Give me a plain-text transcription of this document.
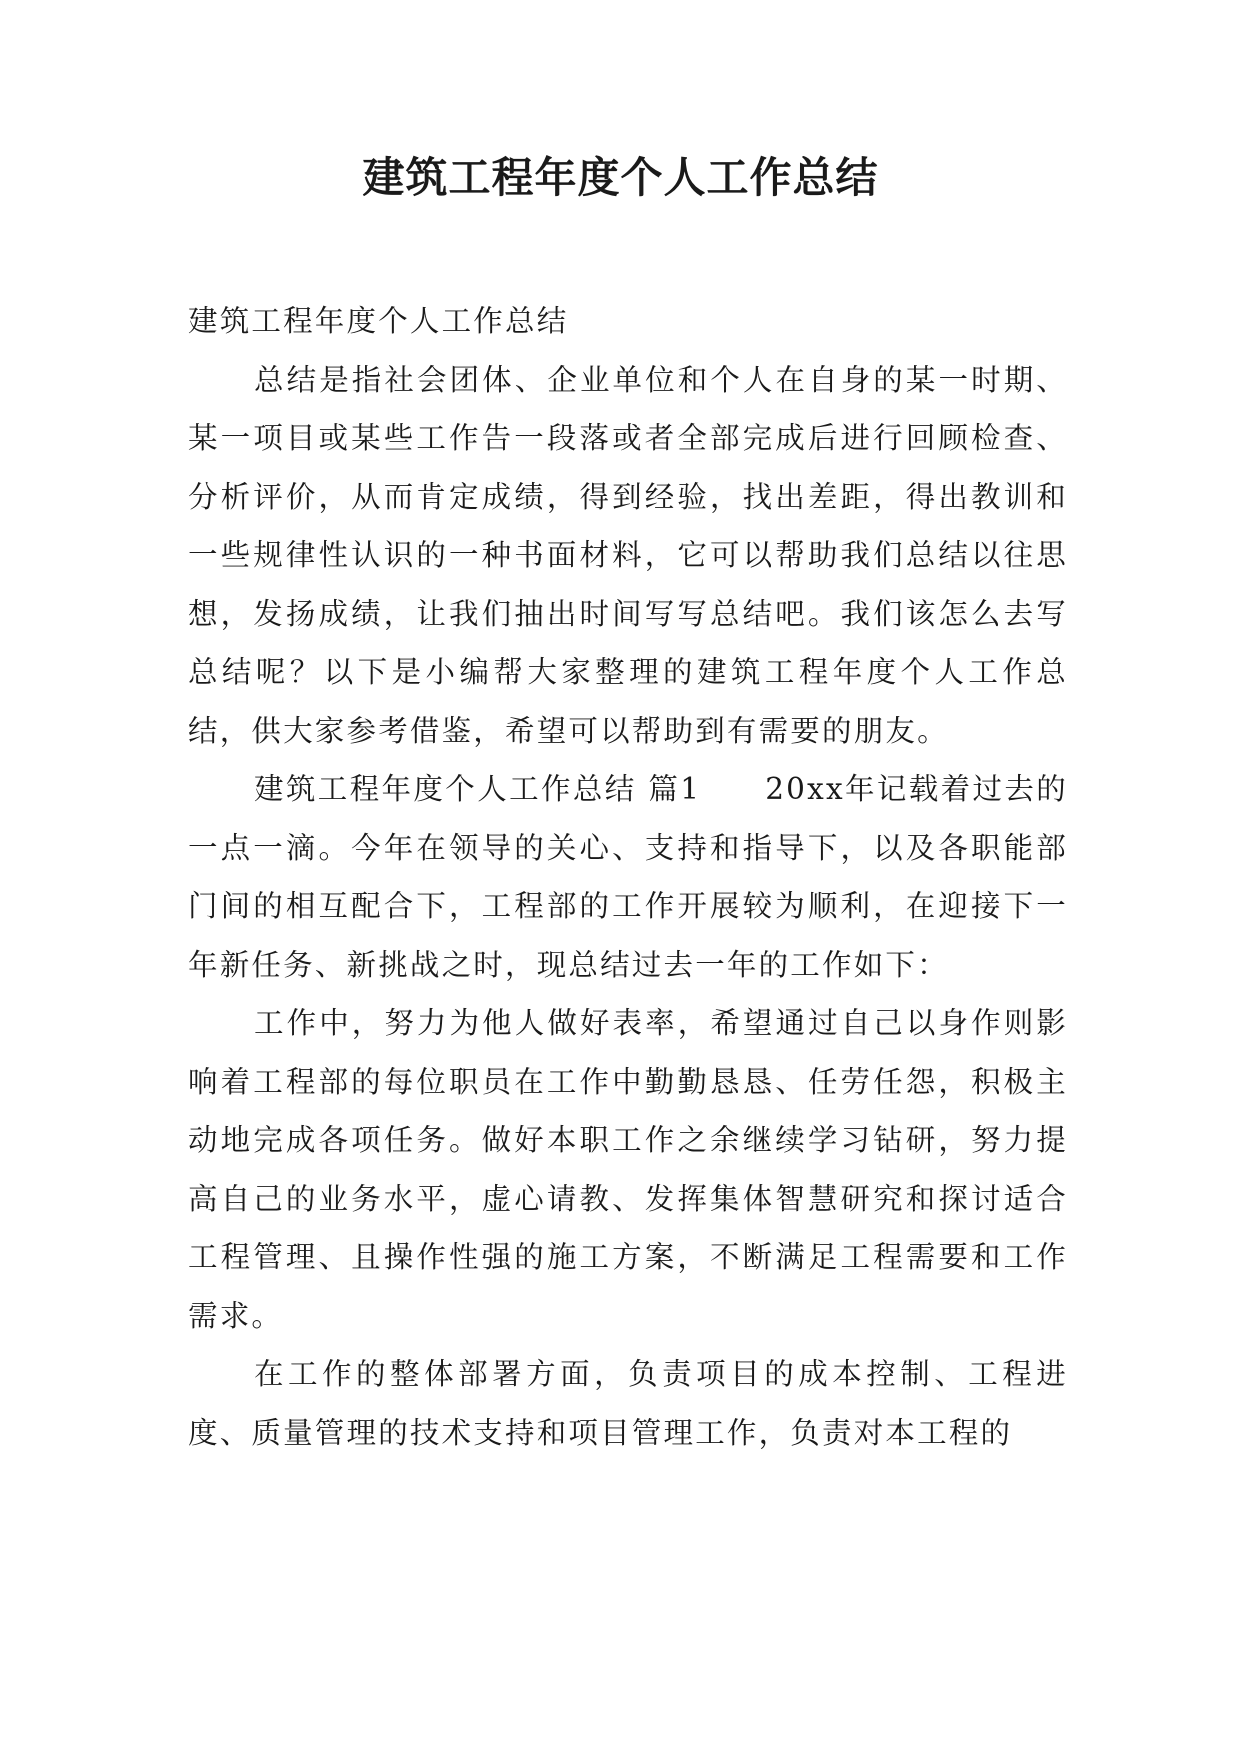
建筑工程年度个人工作总结

建筑工程年度个人工作总结

总结是指社会团体、企业单位和个人在自身的某一时期、某一项目或某些工作告一段落或者全部完成后进行回顾检查、分析评价，从而肯定成绩，得到经验，找出差距，得出教训和一些规律性认识的一种书面材料，它可以帮助我们总结以往思想，发扬成绩，让我们抽出时间写写总结吧。我们该怎么去写总结呢？以下是小编帮大家整理的建筑工程年度个人工作总结，供大家参考借鉴，希望可以帮助到有需要的朋友。

建筑工程年度个人工作总结 篇1　　20xx年记载着过去的一点一滴。今年在领导的关心、支持和指导下，以及各职能部门间的相互配合下，工程部的工作开展较为顺利，在迎接下一年新任务、新挑战之时，现总结过去一年的工作如下：

工作中，努力为他人做好表率，希望通过自己以身作则影响着工程部的每位职员在工作中勤勤恳恳、任劳任怨，积极主动地完成各项任务。做好本职工作之余继续学习钻研，努力提高自己的业务水平，虚心请教、发挥集体智慧研究和探讨适合工程管理、且操作性强的施工方案，不断满足工程需要和工作需求。

在工作的整体部署方面，负责项目的成本控制、工程进度、质量管理的技术支持和项目管理工作，负责对本工程的
